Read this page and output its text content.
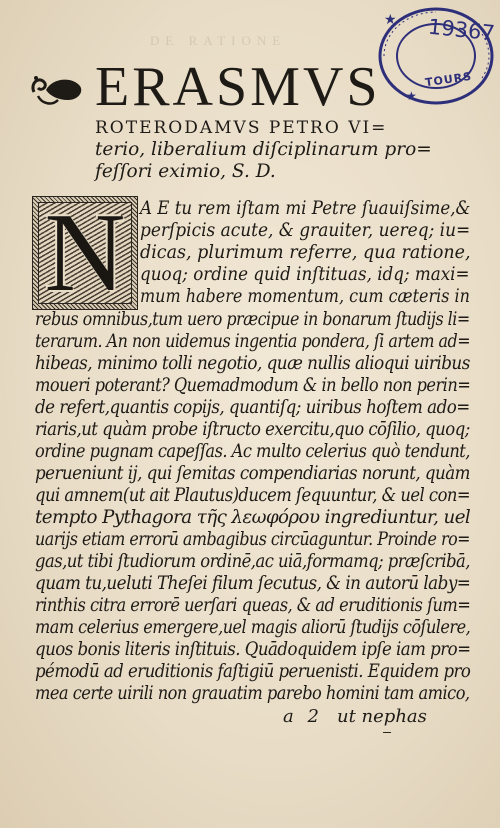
DE RATIONE
★
★
19367
TOURS
ERASMVS
ROTERODAMVS PETRO VI=
terio, liberalium diſciplinarum pro=
feſſori eximio, S. D.
N A E tu rem iſtam mi Petre ſuauiſsime,&
perſpicis acute, & grauiter, uereq; iu=
dicas, plurimum referre, qua ratione,
quoq; ordine quid inſtituas, idq; maxi=
mum habere momentum, cum cæteris in
rebus omnibus,tum uero præcipue in bonarum ſtudijs li=
terarum. An non uidemus ingentia pondera, ſi artem ad=
hibeas, minimo tolli negotio, quæ nullis alioqui uiribus
moueri poterant? Quemadmodum & in bello non perin=
de refert,quantis copijs, quantiſq; uiribus hoſtem ado=
riaris,ut quàm probe iſtructo exercitu,quo cōſilio, quoq;
ordine pugnam capeſſas. Ac multo celerius quò tendunt,
perueniunt ij, qui ſemitas compendiarias norunt, quàm
qui amnem(ut ait Plautus)ducem ſequuntur, & uel con=
tempto Pythagora τῆς λεωφόρου ingrediuntur, uel
uarijs etiam errorū ambagibus circūaguntur. Proinde ro=
gas,ut tibi ſtudiorum ordinē,ac uiā,formamq; præſcribā,
quam tu,ueluti Theſei filum ſecutus, & in autorū laby=
rinthis citra errorē uerſari queas, & ad eruditionis ſum=
mam celerius emergere,uel magis aliorū ſtudijs cōſulere,
quos bonis literis inſtituis. Quādoquidem ipſe iam pro=
pémodū ad eruditionis faſtigiū peruenisti. Equidem pro
mea certe uirili non grauatim parebo homini tam amico,
a 2 ut nephas
